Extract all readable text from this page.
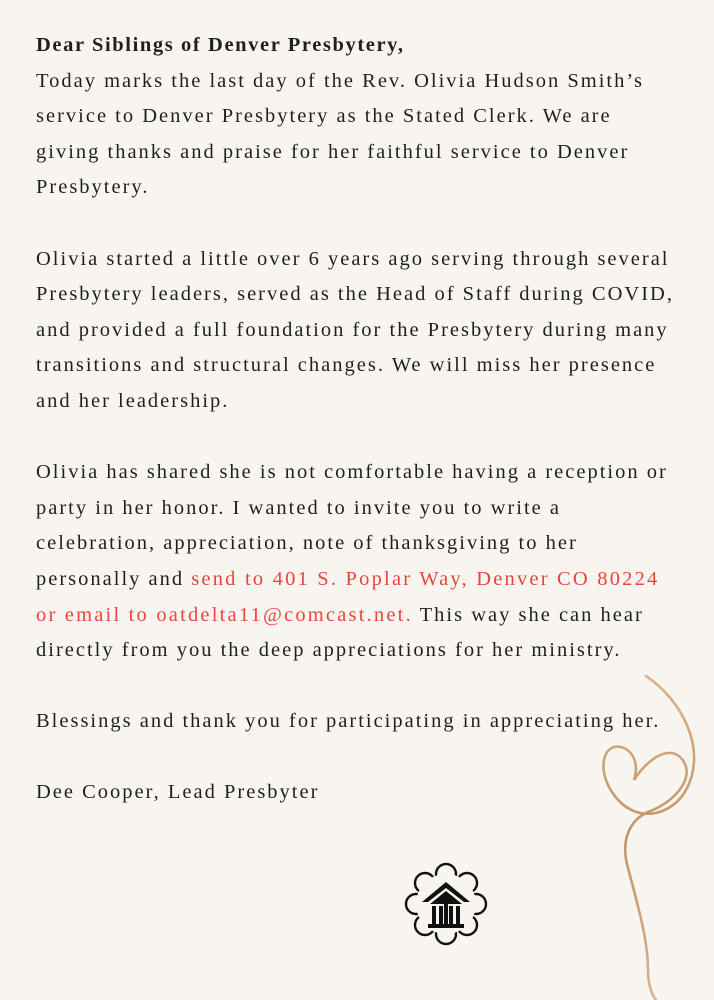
Dear Siblings of Denver Presbytery,

Today marks the last day of the Rev. Olivia Hudson Smith’s service to Denver Presbytery as the Stated Clerk. We are giving thanks and praise for her faithful service to Denver Presbytery.

Olivia started a little over 6 years ago serving through several Presbytery leaders, served as the Head of Staff during COVID, and provided a full foundation for the Presbytery during many transitions and structural changes. We will miss her presence and her leadership.

Olivia has shared she is not comfortable having a reception or party in her honor. I wanted to invite you to write a celebration, appreciation, note of thanksgiving to her personally and send to 401 S. Poplar Way, Denver CO 80224 or email to oatdelta11@comcast.net. This way she can hear directly from you the deep appreciations for her ministry.

Blessings and thank you for participating in appreciating her.

Dee Cooper, Lead Presbyter
